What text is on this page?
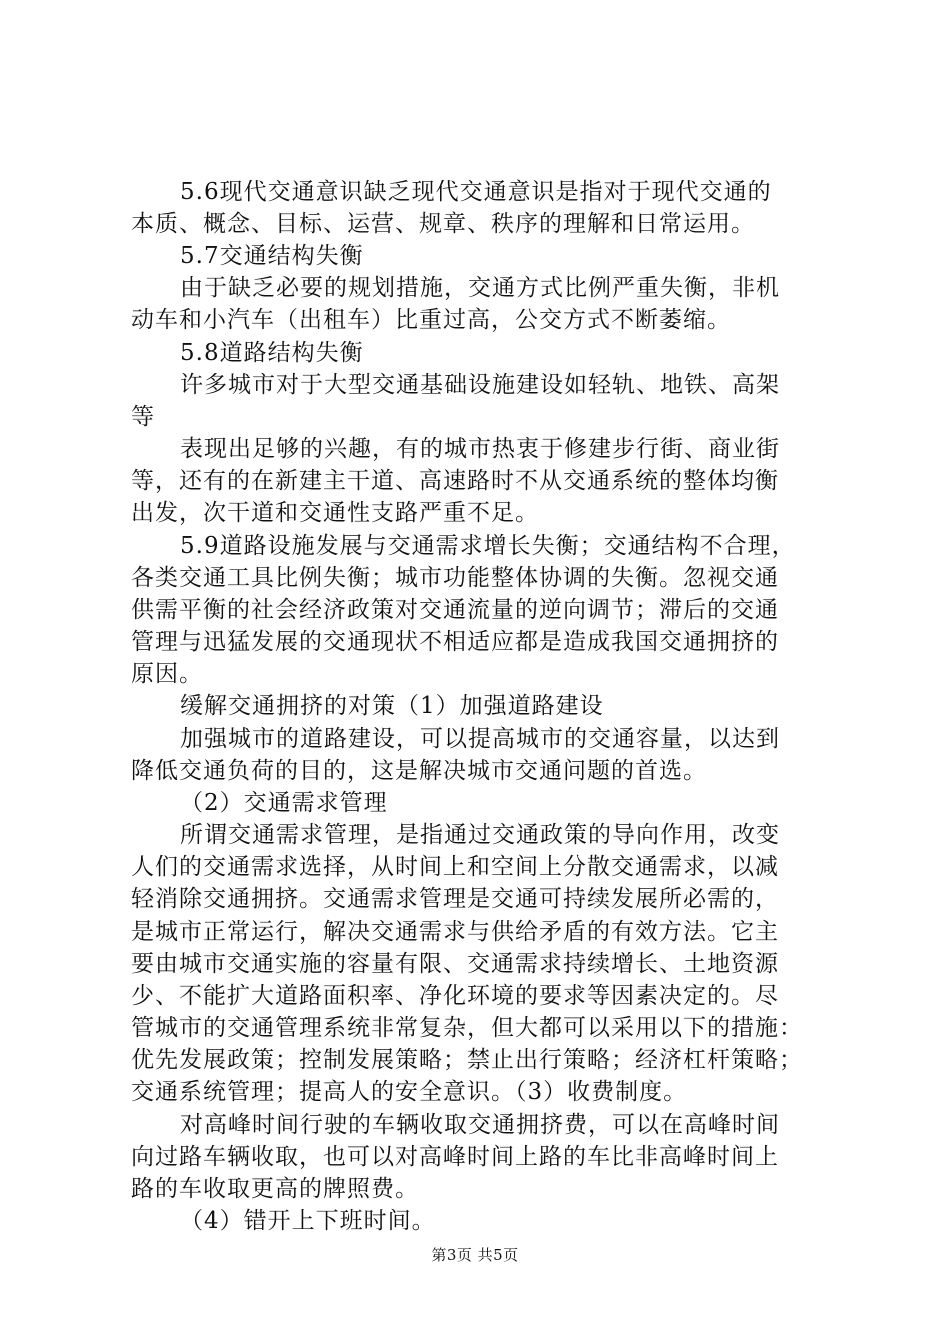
5.6现代交通意识缺乏现代交通意识是指对于现代交通的
本质、概念、目标、运营、规章、秩序的理解和日常运用。
5.7交通结构失衡
由于缺乏必要的规划措施，交通方式比例严重失衡，非机
动车和小汽车（出租车）比重过高，公交方式不断萎缩。
5.8道路结构失衡
许多城市对于大型交通基础设施建设如轻轨、地铁、高架
等
表现出足够的兴趣，有的城市热衷于修建步行街、商业街
等，还有的在新建主干道、高速路时不从交通系统的整体均衡
出发，次干道和交通性支路严重不足。
5.9道路设施发展与交通需求增长失衡；交通结构不合理，
各类交通工具比例失衡；城市功能整体协调的失衡。忽视交通
供需平衡的社会经济政策对交通流量的逆向调节；滞后的交通
管理与迅猛发展的交通现状不相适应都是造成我国交通拥挤的
原因。
缓解交通拥挤的对策（1）加强道路建设
加强城市的道路建设，可以提高城市的交通容量，以达到
降低交通负荷的目的，这是解决城市交通问题的首选。
（2）交通需求管理
所谓交通需求管理，是指通过交通政策的导向作用，改变
人们的交通需求选择，从时间上和空间上分散交通需求，以减
轻消除交通拥挤。交通需求管理是交通可持续发展所必需的，
是城市正常运行，解决交通需求与供给矛盾的有效方法。它主
要由城市交通实施的容量有限、交通需求持续增长、土地资源
少、不能扩大道路面积率、净化环境的要求等因素决定的。尽
管城市的交通管理系统非常复杂，但大都可以采用以下的措施：
优先发展政策；控制发展策略；禁止出行策略；经济杠杆策略；
交通系统管理；提高人的安全意识。（3）收费制度。
对高峰时间行驶的车辆收取交通拥挤费，可以在高峰时间
向过路车辆收取，也可以对高峰时间上路的车比非高峰时间上
路的车收取更高的牌照费。
（4）错开上下班时间。
第3页 共5页
